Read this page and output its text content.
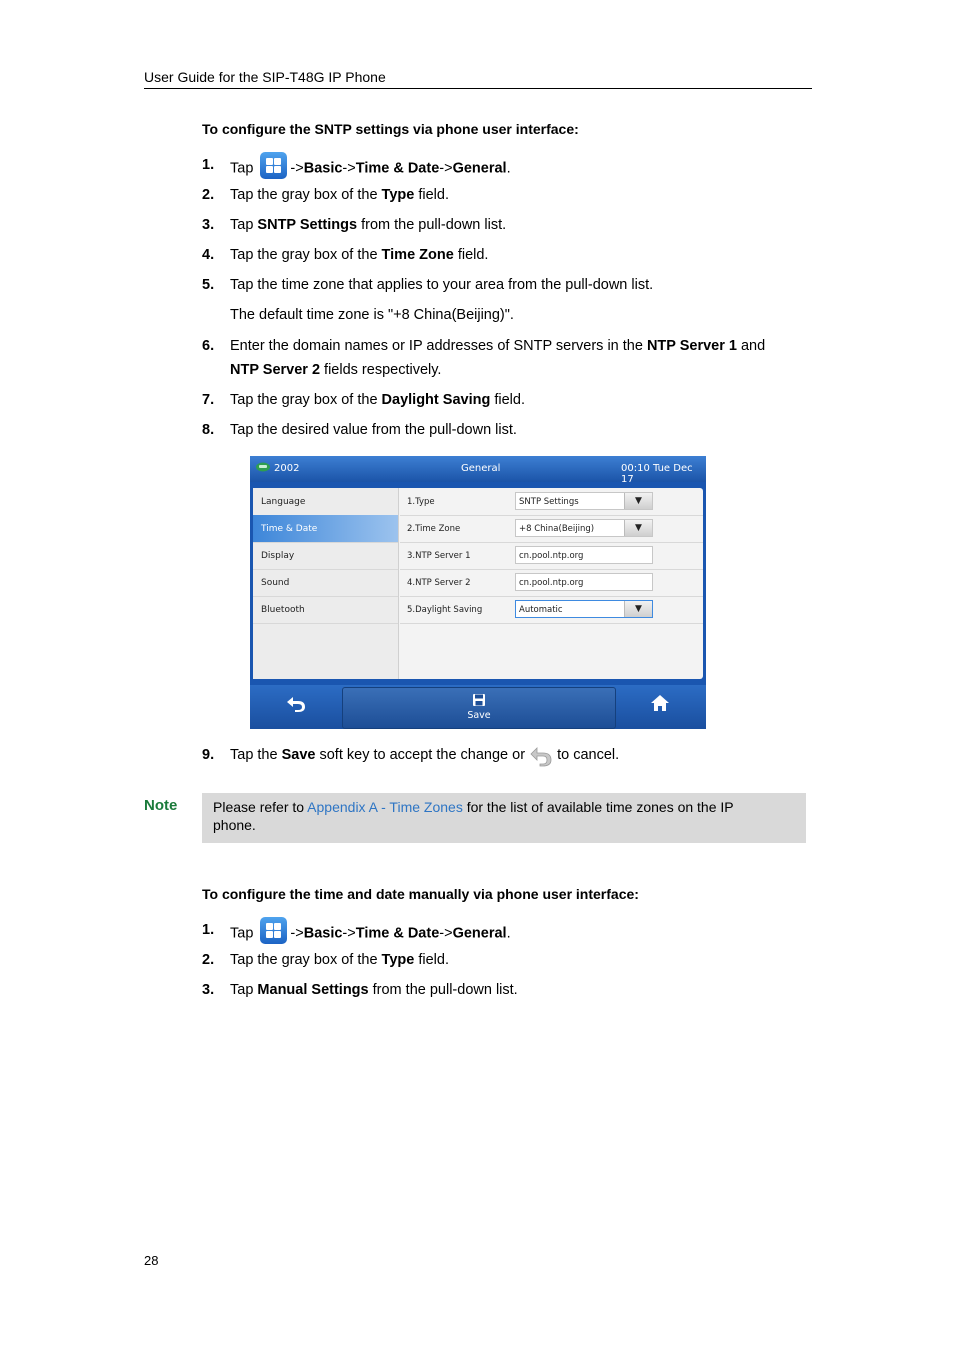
User Guide for the SIP-T48G IP Phone
To configure the SNTP settings via phone user interface:
1. Tap	->Basic->Time & Date->General.
2. Tap the gray box of the Type field.
3. Tap SNTP Settings from the pull-down list.
4. Tap the gray box of the Time Zone field.
5. Tap the time zone that applies to your area from the pull-down list.
The default time zone is "+8 China(Beijing)".
6. Enter the domain names or IP addresses of SNTP servers in the NTP Server 1 and
NTP Server 2 fields respectively.
7. Tap the gray box of the Daylight Saving field.
8. Tap the desired value from the pull-down list.
2002	General	00:10 Tue Dec 17
Language
Time & Date
Display
Sound
Bluetooth
1.Type	SNTP Settings	▼
2.Time Zone	+8 China(Beijing)	▼
3.NTP Server 1	cn.pool.ntp.org
4.NTP Server 2	cn.pool.ntp.org
5.Daylight Saving	Automatic	▼
Save
9. Tap the Save soft key to accept the change or  to cancel.
Note	Please refer to Appendix A - Time Zones for the list of available time zones on the IP
phone.
To configure the time and date manually via phone user interface:
1. Tap	->Basic->Time & Date->General.
2. Tap the gray box of the Type field.
3. Tap Manual Settings from the pull-down list.
28
